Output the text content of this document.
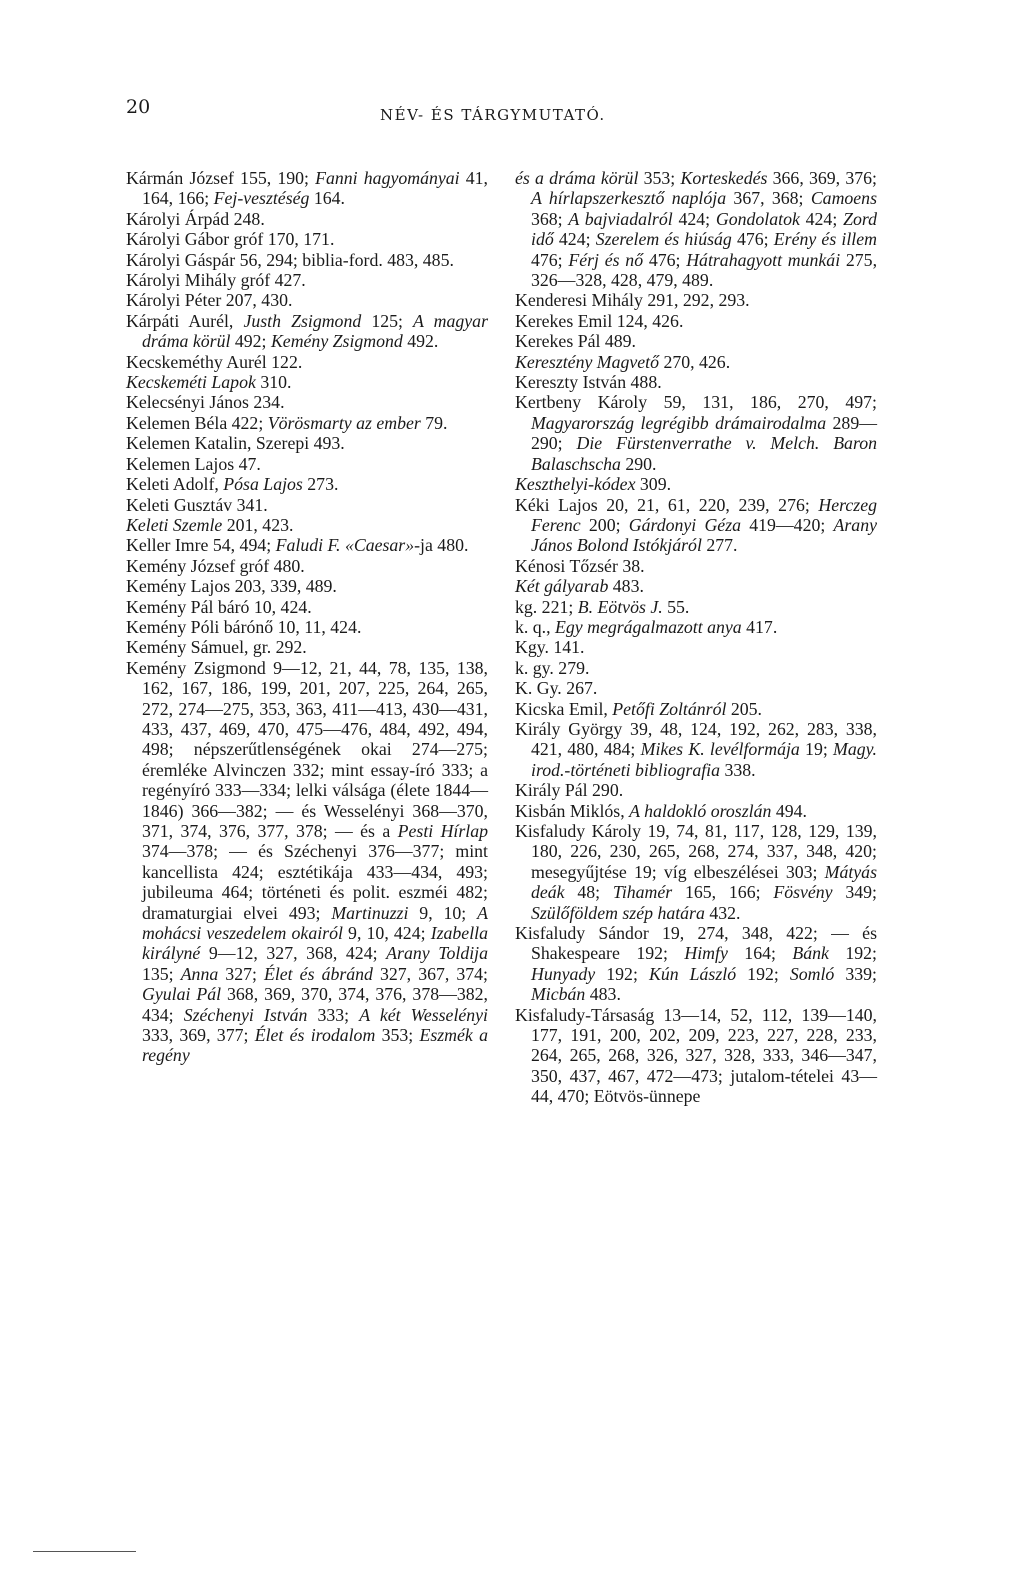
20	NÉV- ÉS TÁRGYMUTATÓ.

Kármán József 155, 190; Fanni hagyományai 41, 164, 166; Fej-vesztéség 164.

Károlyi Árpád 248.

Károlyi Gábor gróf 170, 171.

Károlyi Gáspár 56, 294; biblia-ford. 483, 485.

Károlyi Mihály gróf 427.

Károlyi Péter 207, 430.

Kárpáti Aurél, Justh Zsigmond 125; A magyar dráma körül 492; Kemény Zsigmond 492.

Kecskeméthy Aurél 122.

Kecskeméti Lapok 310.

Kelecsényi János 234.

Kelemen Béla 422; Vörösmarty az ember 79.

Kelemen Katalin, Szerepi 493.

Kelemen Lajos 47.

Keleti Adolf, Pósa Lajos 273.

Keleti Gusztáv 341.

Keleti Szemle 201, 423.

Keller Imre 54, 494; Faludi F. «Caesar»-ja 480.

Kemény József gróf 480.

Kemény Lajos 203, 339, 489.

Kemény Pál báró 10, 424.

Kemény Póli bárónő 10, 11, 424.

Kemény Sámuel, gr. 292.

Kemény Zsigmond 9—12, 21, 44, 78, 135, 138, 162, 167, 186, 199, 201, 207, 225, 264, 265, 272, 274—275, 353, 363, 411—413, 430—431, 433, 437, 469, 470, 475—476, 484, 492, 494, 498; népszerűtlenségének okai 274—275; éremléke Alvinczen 332; mint essay-író 333; a regényíró 333—334; lelki válsága (élete 1844—1846) 366—382; — és Wesselényi 368—370, 371, 374, 376, 377, 378; — és a Pesti Hírlap 374—378; — és Széchenyi 376—377; mint kancellista 424; esztétikája 433—434, 493; jubileuma 464; történeti és polit. eszméi 482; dramaturgiai elvei 493; Martinuzzi 9, 10; A mohácsi veszedelem okairól 9, 10, 424; Izabella királyné 9—12, 327, 368, 424; Arany Toldija 135; Anna 327; Élet és ábránd 327, 367, 374; Gyulai Pál 368, 369, 370, 374, 376, 378—382, 434; Széchenyi István 333; A két Wesselényi 333, 369, 377; Élet és irodalom 353; Eszmék a regény

és a dráma körül 353; Korteskedés 366, 369, 376; A hírlapszerkesztő naplója 367, 368; Camoens 368; A bajviadalról 424; Gondolatok 424; Zord idő 424; Szerelem és hiúság 476; Erény és illem 476; Férj és nő 476; Hátrahagyott munkái 275, 326—328, 428, 479, 489.

Kenderesi Mihály 291, 292, 293.

Kerekes Emil 124, 426.

Kerekes Pál 489.

Keresztény Magvető 270, 426.

Kereszty István 488.

Kertbeny Károly 59, 131, 186, 270, 497; Magyarország legrégibb drámairodalma 289—290; Die Fürstenverrathe v. Melch. Baron Balaschscha 290.

Keszthelyi-kódex 309.

Kéki Lajos 20, 21, 61, 220, 239, 276; Herczeg Ferenc 200; Gárdonyi Géza 419—420; Arany János Bolond Istókjáról 277.

Kénosi Tőzsér 38.

Két gályarab 483.

kg. 221; B. Eötvös J. 55.

k. q., Egy megrágalmazott anya 417.

Kgy. 141.

k. gy. 279.

K. Gy. 267.

Kicska Emil, Petőfi Zoltánról 205.

Király György 39, 48, 124, 192, 262, 283, 338, 421, 480, 484; Mikes K. levélformája 19; Magy. irod.-történeti bibliografia 338.

Király Pál 290.

Kisbán Miklós, A haldokló oroszlán 494.

Kisfaludy Károly 19, 74, 81, 117, 128, 129, 139, 180, 226, 230, 265, 268, 274, 337, 348, 420; mesegyűjtése 19; víg elbeszélései 303; Mátyás deák 48; Tihamér 165, 166; Fösvény 349; Szülőföldem szép határa 432.

Kisfaludy Sándor 19, 274, 348, 422; — és Shakespeare 192; Himfy 164; Bánk 192; Hunyady 192; Kún László 192; Somló 339; Micbán 483.

Kisfaludy-Társaság 13—14, 52, 112, 139—140, 177, 191, 200, 202, 209, 223, 227, 228, 233, 264, 265, 268, 326, 327, 328, 333, 346—347, 350, 437, 467, 472—473; jutalom-tételei 43—44, 470; Eötvös-ünnepe
